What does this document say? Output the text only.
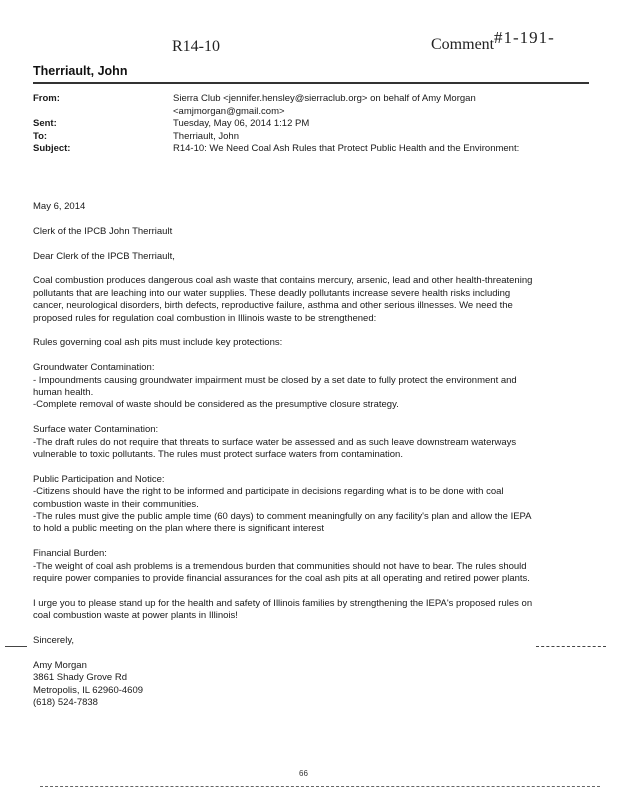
R14-10	Comment #1-191-
Therriault, John
From:	Sierra Club <jennifer.hensley@sierraclub.org> on behalf of Amy Morgan
<amjmorgan@gmail.com>
Sent:	Tuesday, May 06, 2014 1:12 PM
To:	Therriault, John
Subject:	R14-10: We Need Coal Ash Rules that Protect Public Health and the Environment:
May 6, 2014
Clerk of the IPCB John Therriault
Dear Clerk of the IPCB Therriault,
Coal combustion produces dangerous coal ash waste that contains mercury, arsenic, lead and other health-threatening
pollutants that are leaching into our water supplies. These deadly pollutants increase severe health risks including
cancer, neurological disorders, birth defects, reproductive failure, asthma and other serious illnesses. We need the
proposed rules for regulation coal combustion in Illinois waste to be strengthened:
Rules governing coal ash pits must include key protections:
Groundwater Contamination:
- Impoundments causing groundwater impairment must be closed by a set date to fully protect the environment and
human health.
-Complete removal of waste should be considered as the presumptive closure strategy.
Surface water Contamination:
-The draft rules do not require that threats to surface water be assessed and as such leave downstream waterways
vulnerable to toxic pollutants. The rules must protect surface waters from contamination.
Public Participation and Notice:
-Citizens should have the right to be informed and participate in decisions regarding what is to be done with coal
combustion waste in their communities.
-The rules must give the public ample time (60 days) to comment meaningfully on any facility's plan and allow the IEPA
to hold a public meeting on the plan where there is significant interest
Financial Burden:
-The weight of coal ash problems is a tremendous burden that communities should not have to bear. The rules should
require power companies to provide financial assurances for the coal ash pits at all operating and retired power plants.
I urge you to please stand up for the health and safety of Illinois families by strengthening the IEPA's proposed rules on
coal combustion waste at power plants in Illinois!
Sincerely,
Amy Morgan
3861 Shady Grove Rd
Metropolis, IL 62960-4609
(618) 524-7838
66
